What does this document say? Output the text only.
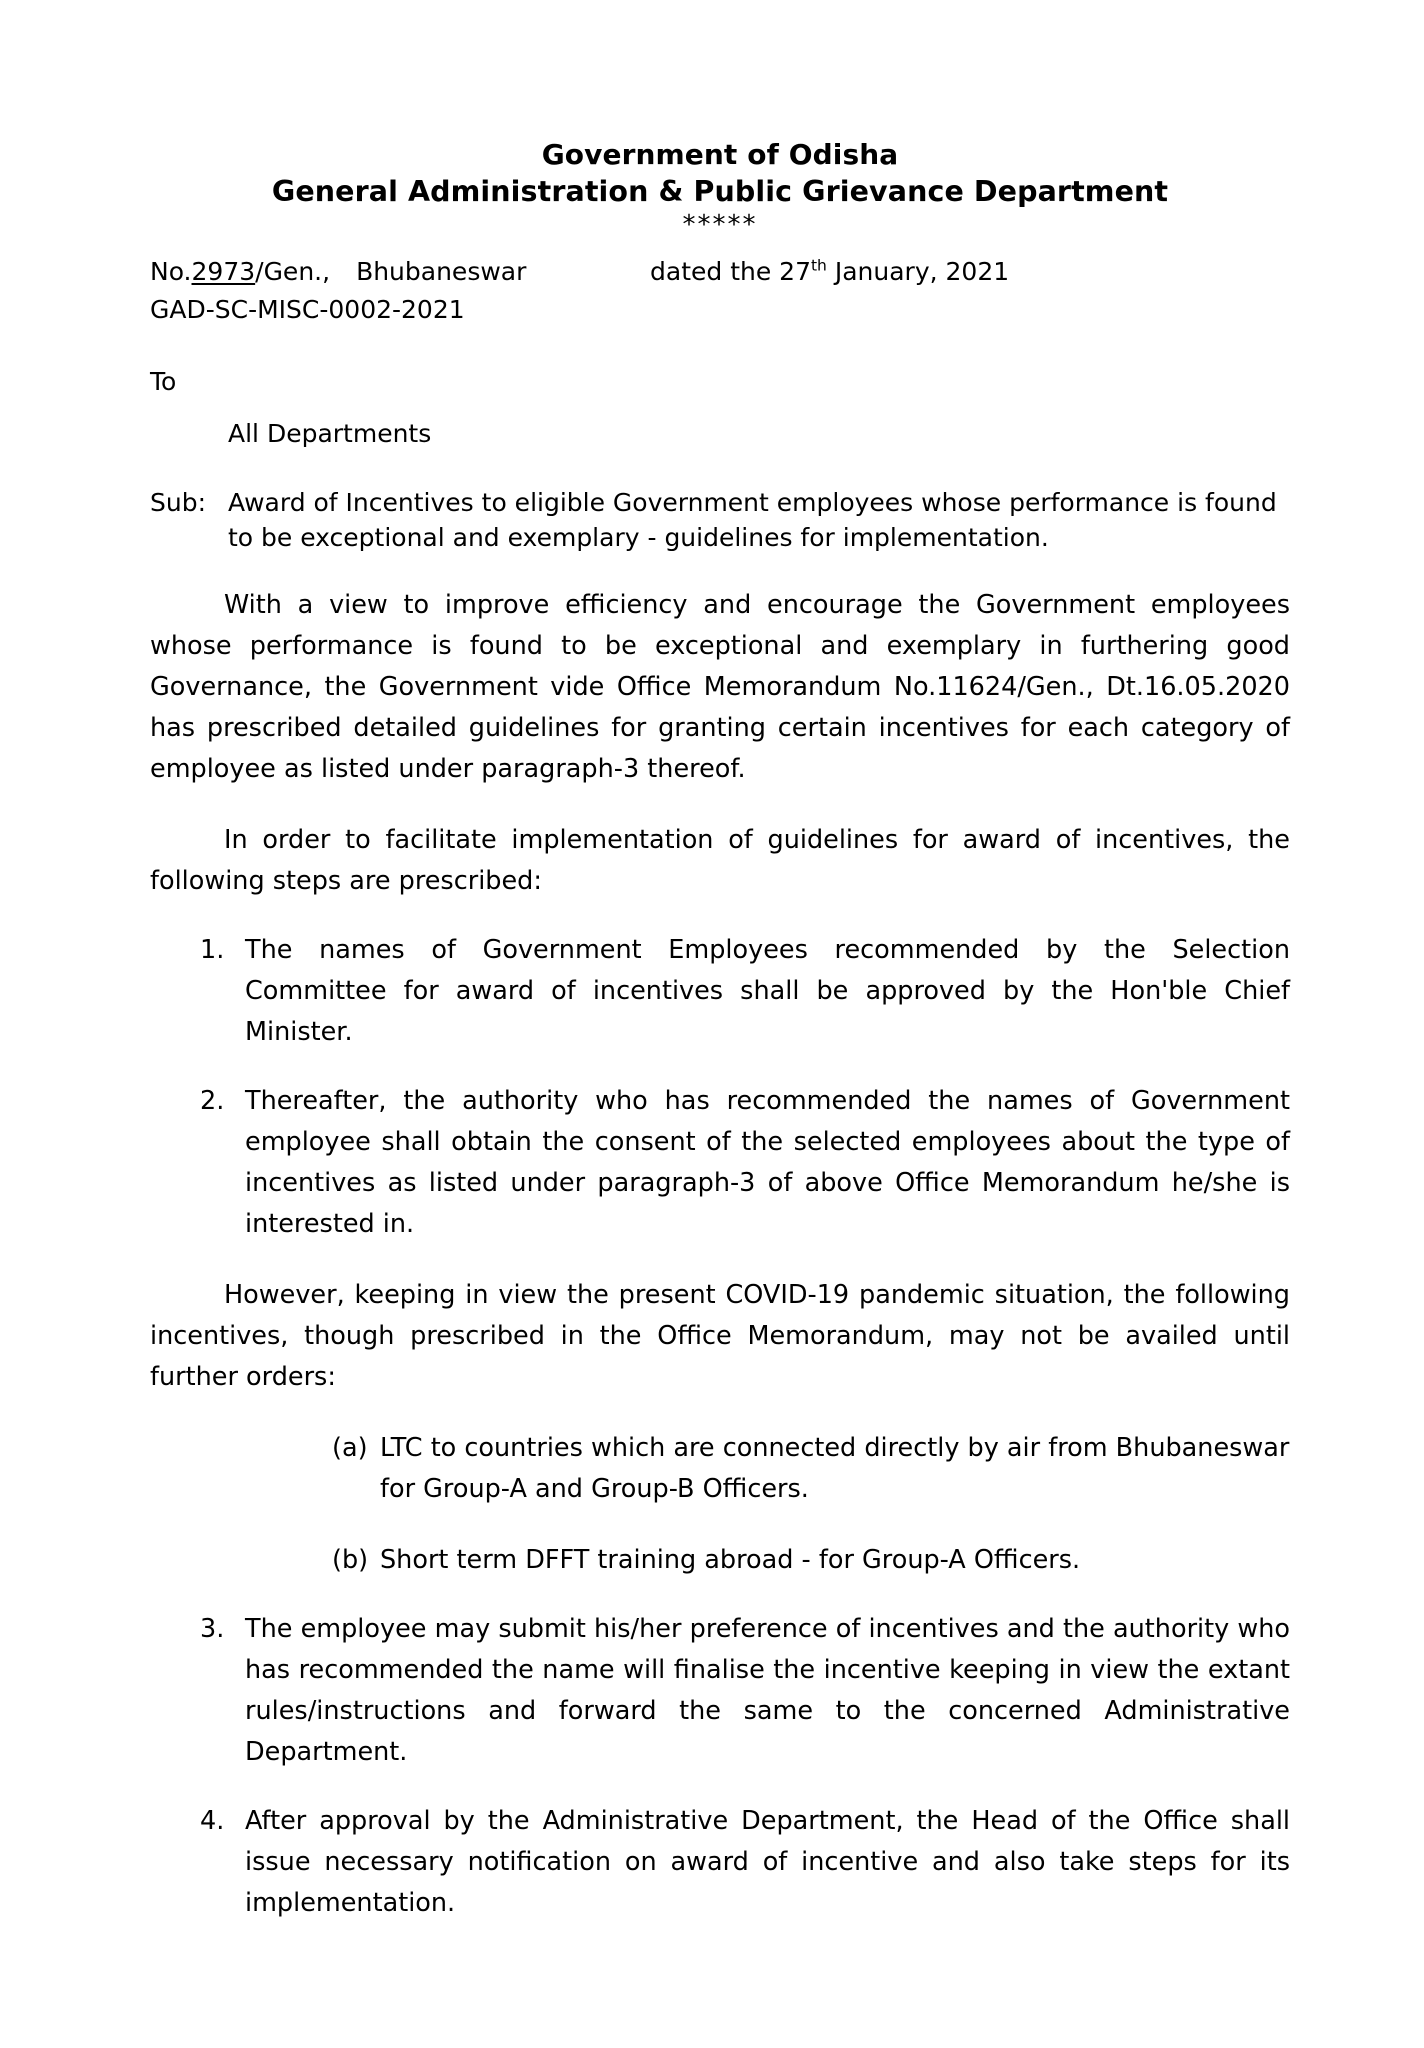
Government of Odisha
General Administration & Public Grievance Department
*****
No.2973/Gen., Bhubaneswar	dated the 27th January, 2021
GAD-SC-MISC-0002-2021
To
All Departments
Sub: Award of Incentives to eligible Government employees whose performance is found to be exceptional and exemplary - guidelines for implementation.

With a view to improve efficiency and encourage the Government employees whose performance is found to be exceptional and exemplary in furthering good Governance, the Government vide Office Memorandum No.11624/Gen., Dt.16.05.2020 has prescribed detailed guidelines for granting certain incentives for each category of employee as listed under paragraph-3 thereof.

In order to facilitate implementation of guidelines for award of incentives, the following steps are prescribed:

1. The names of Government Employees recommended by the Selection Committee for award of incentives shall be approved by the Hon'ble Chief Minister.
2. Thereafter, the authority who has recommended the names of Government employee shall obtain the consent of the selected employees about the type of incentives as listed under paragraph-3 of above Office Memorandum he/she is interested in.

However, keeping in view the present COVID-19 pandemic situation, the following incentives, though prescribed in the Office Memorandum, may not be availed until further orders:

(a) LTC to countries which are connected directly by air from Bhubaneswar for Group-A and Group-B Officers.
(b) Short term DFFT training abroad - for Group-A Officers.
3. The employee may submit his/her preference of incentives and the authority who has recommended the name will finalise the incentive keeping in view the extant rules/instructions and forward the same to the concerned Administrative Department.
4. After approval by the Administrative Department, the Head of the Office shall issue necessary notification on award of incentive and also take steps for its implementation.
